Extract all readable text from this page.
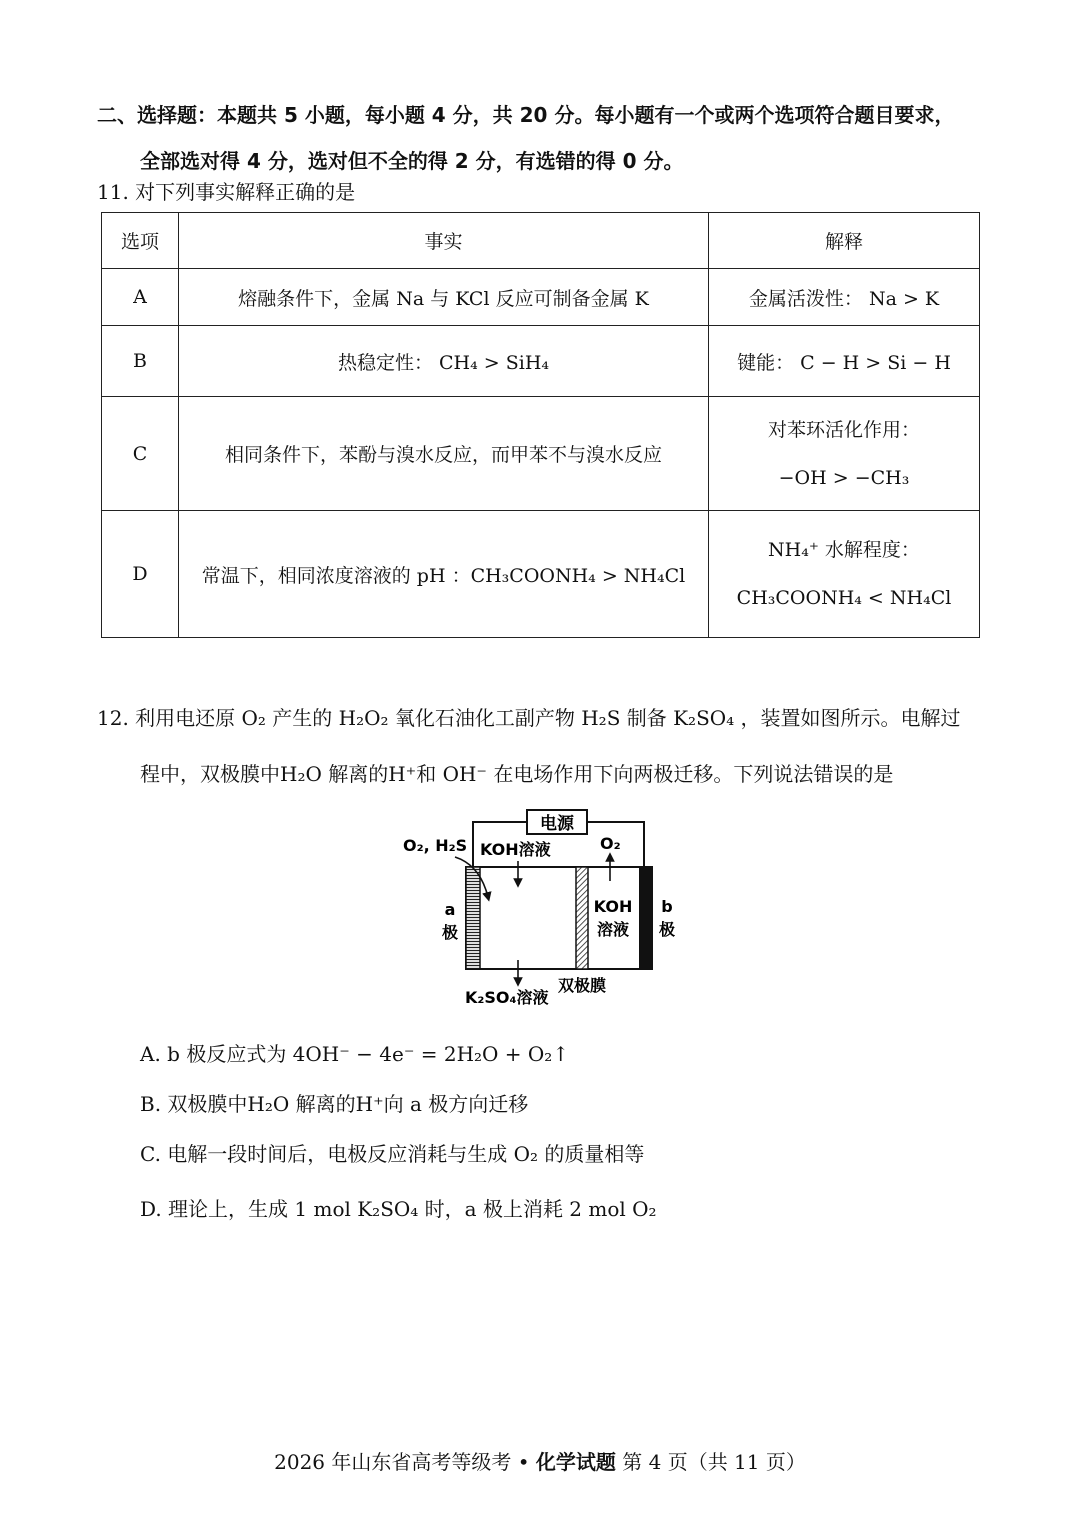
二、选择题：本题共 5 小题，每小题 4 分，共 20 分。每小题有一个或两个选项符合题目要求，
全部选对得 4 分，选对但不全的得 2 分，有选错的得 0 分。
11. 对下列事实解释正确的是
选项	事实	解释
A	熔融条件下，金属 Na 与 KCl 反应可制备金属 K	金属活泼性： Na > K
B	热稳定性： CH₄ > SiH₄	键能： C − H > Si − H
C	相同条件下，苯酚与溴水反应，而甲苯不与溴水反应	对苯环活化作用：
−OH > −CH₃

D	常温下，相同浓度溶液的 pH ：CH₃COONH₄ > NH₄Cl	NH₄⁺ 水解程度：
CH₃COONH₄ < NH₄Cl
12. 利用电还原 O₂ 产生的 H₂O₂ 氧化石油化工副产物 H₂S 制备 K₂SO₄ ，装置如图所示。电解过
程中，双极膜中H₂O 解离的H⁺和 OH⁻ 在电场作用下向两极迁移。下列说法错误的是
电源
O₂, H₂S KOH溶液	O₂
a
极
KOH
溶液
b
极
K₂SO₄溶液
双极膜
A. b 极反应式为 4OH⁻ − 4e⁻ = 2H₂O + O₂↑
B. 双极膜中H₂O 解离的H⁺向 a 极方向迁移
C. 电解一段时间后，电极反应消耗与生成 O₂ 的质量相等
D. 理论上，生成 1 mol K₂SO₄ 时，a 极上消耗 2 mol O₂
2026 年山东省高考等级考 • 化学试题 第 4 页（共 11 页）
